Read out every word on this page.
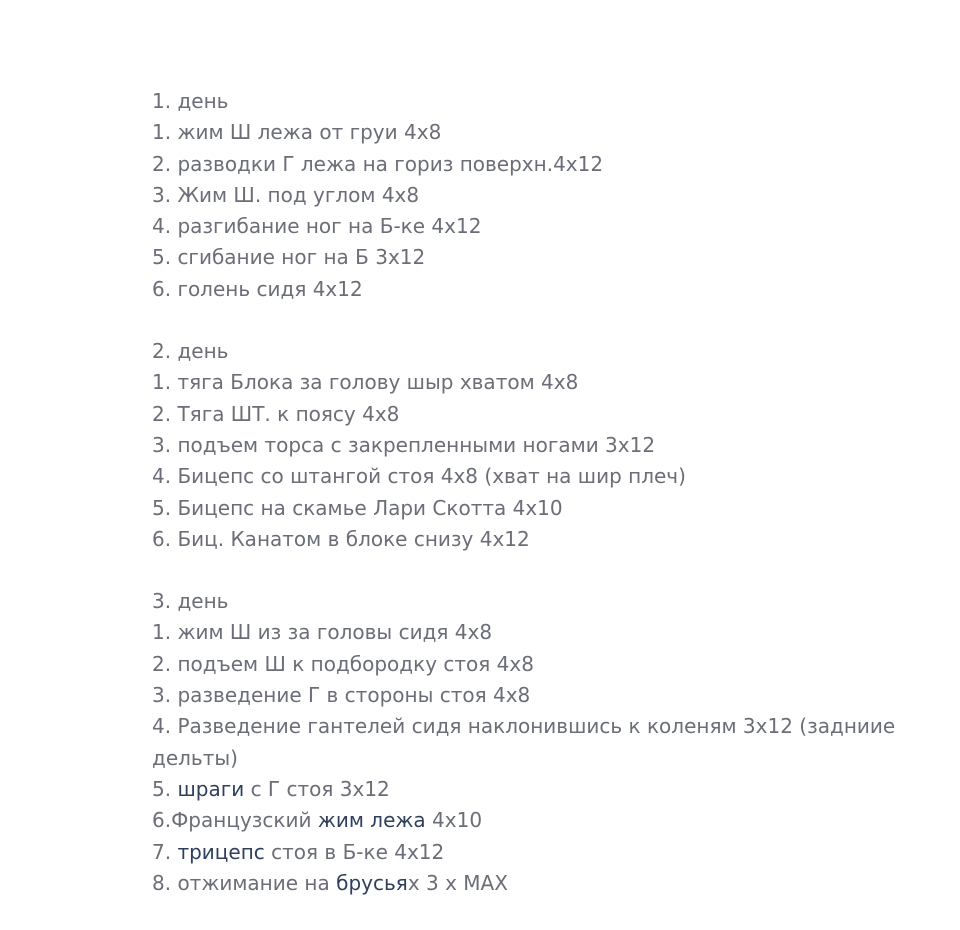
1. день
1. жим Ш лежа от груи 4х8
2. разводки Г лежа на гориз поверхн.4х12
3. Жим Ш. под углом 4х8
4. разгибание ног на Б-ке 4х12
5. сгибание ног на Б 3х12
6. голень сидя 4х12
2. день
1. тяга Блока за голову шыр хватом 4х8
2. Тяга ШТ. к поясу 4х8
3. подъем торса с закрепленными ногами 3х12
4. Бицепс со штангой стоя 4х8 (хват на шир плеч)
5. Бицепс на скамье Лари Скотта 4х10
6. Биц. Канатом в блоке снизу 4х12
3. день
1. жим Ш из за головы сидя 4х8
2. подъем Ш к подбородку стоя 4х8
3. разведение Г в стороны стоя 4х8
4. Разведение гантелей сидя наклонившись к коленям 3х12 (задниие дельты)
5. шраги с Г стоя 3х12
6.Французский жим лежа 4х10
7. трицепс стоя в Б-ке 4х12
8. отжимание на брусьях 3 х МАХ
